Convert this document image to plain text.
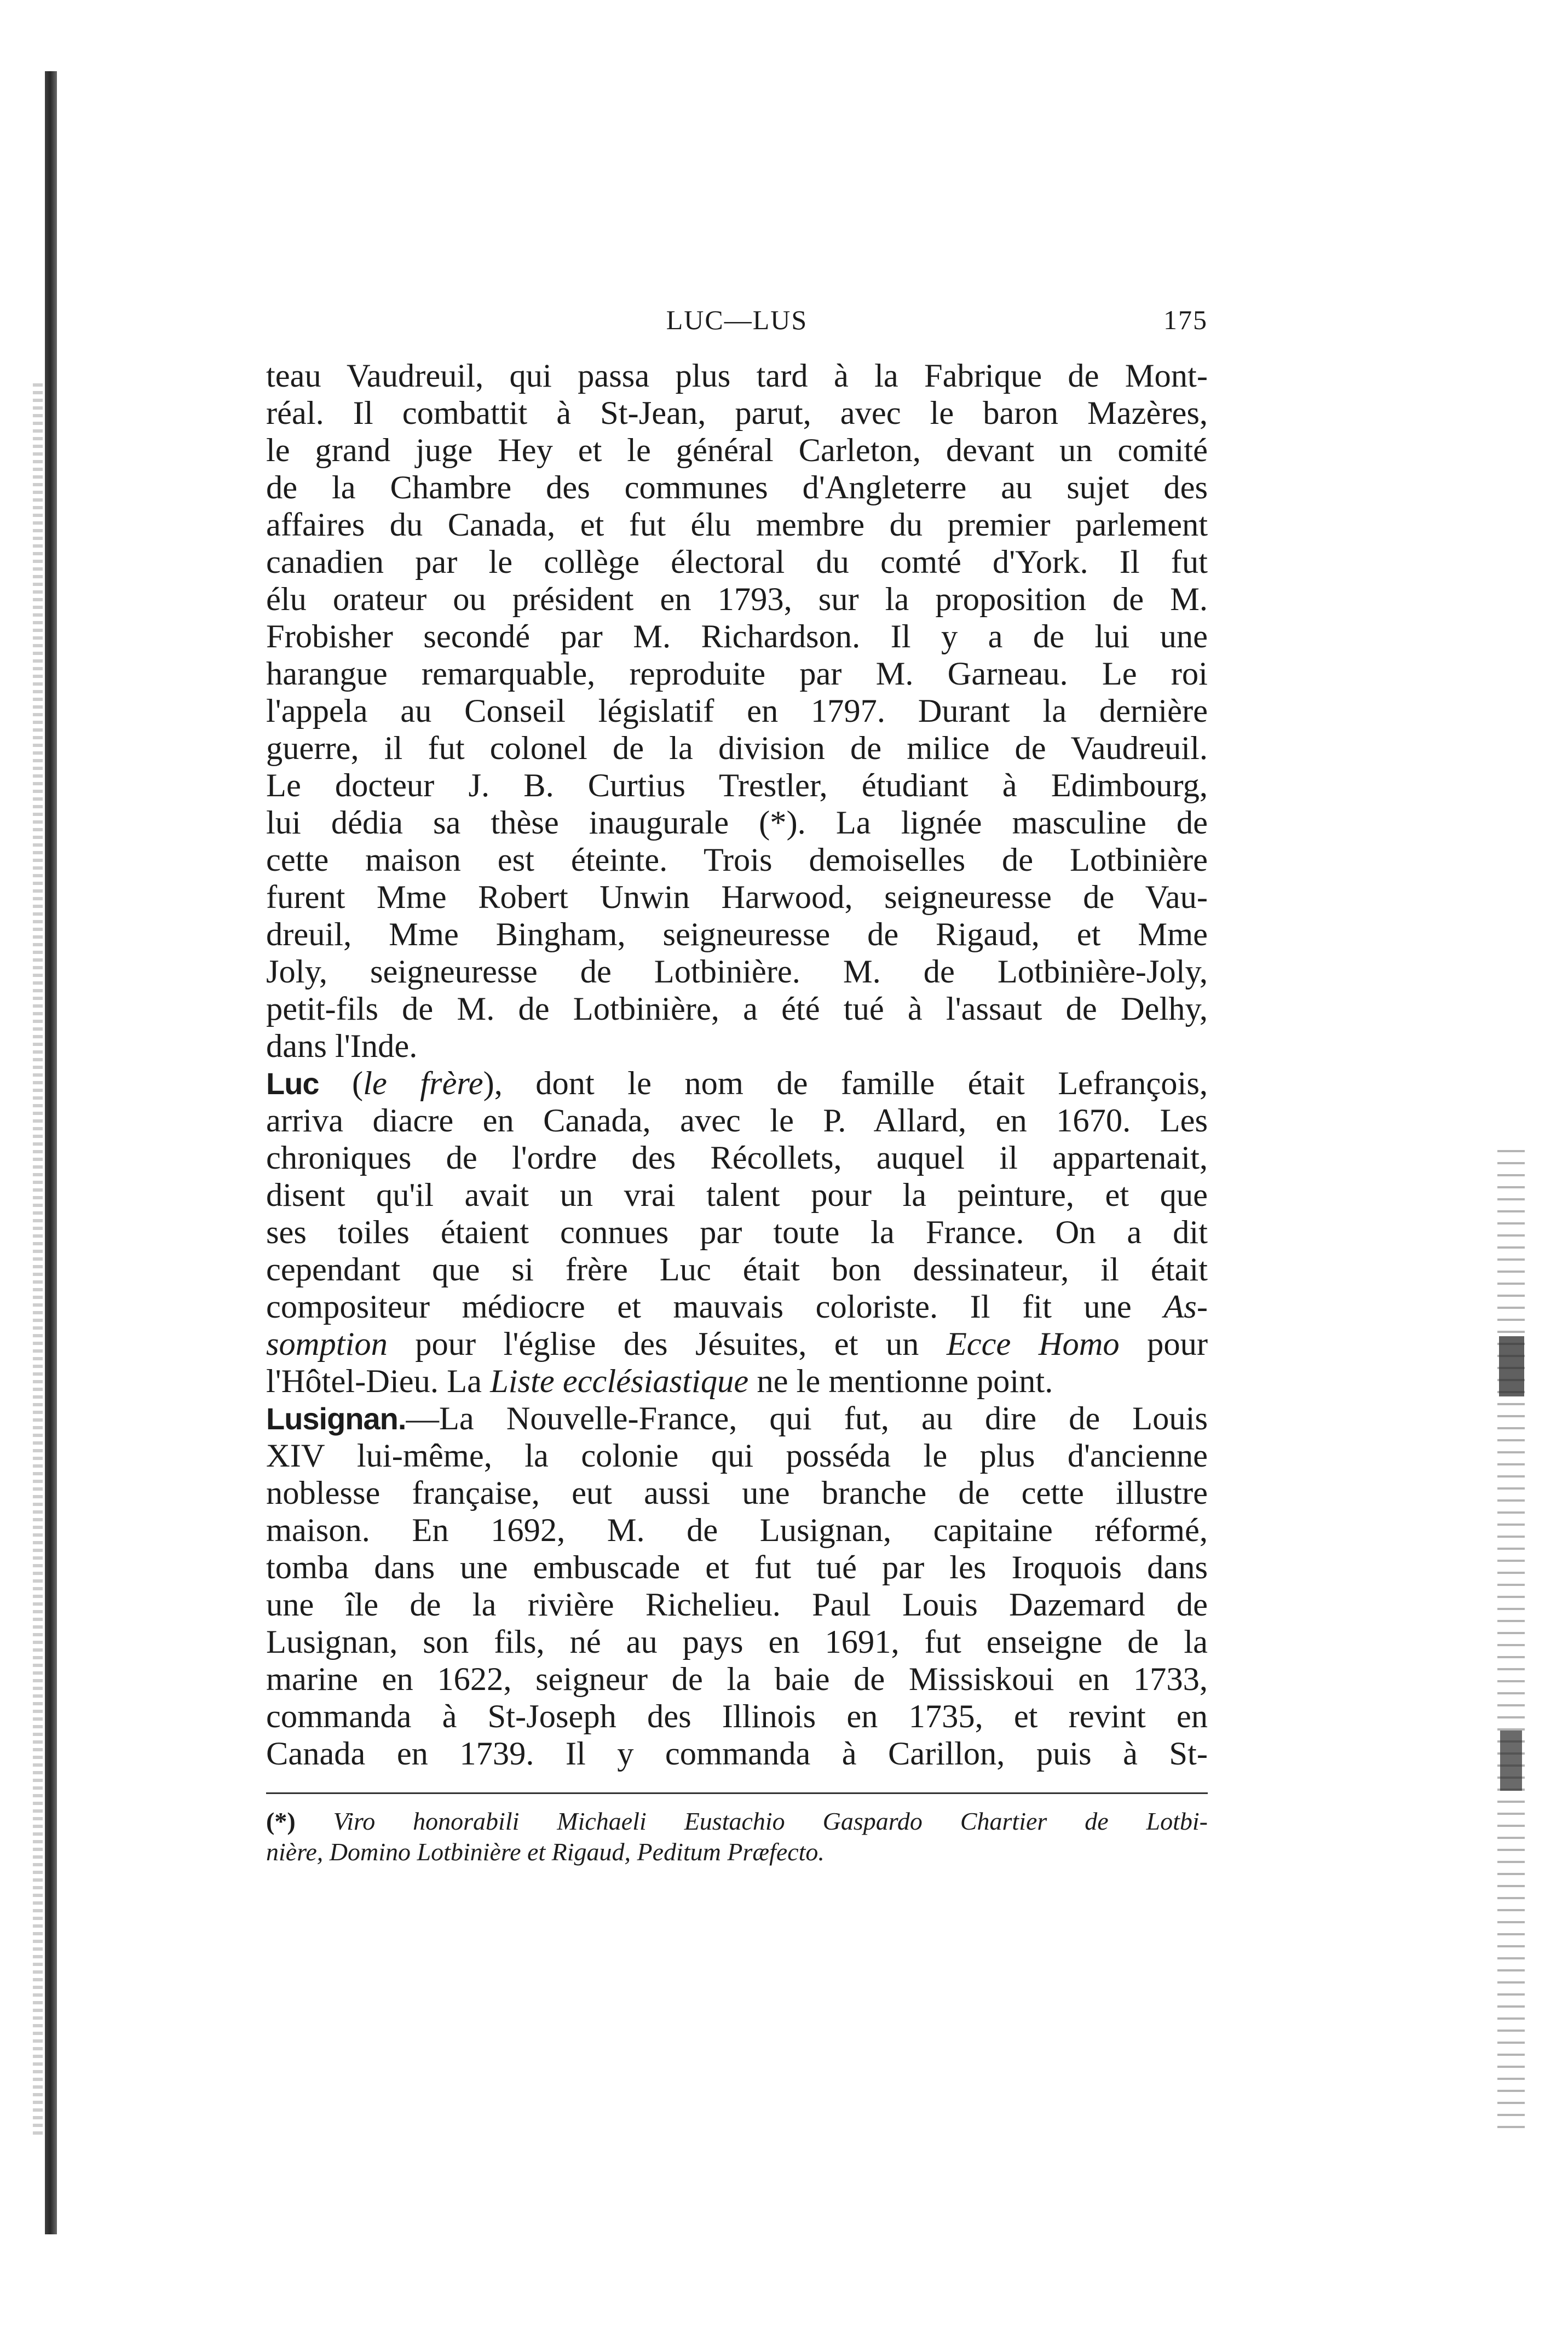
LUC—LUS	175
teau Vaudreuil, qui passa plus tard à la Fabrique de Mont-
réal. Il combattit à St-Jean, parut, avec le baron Mazères,
le grand juge Hey et le général Carleton, devant un comité
de la Chambre des communes d'Angleterre au sujet des
affaires du Canada, et fut élu membre du premier parlement
canadien par le collège électoral du comté d'York. Il fut
élu orateur ou président en 1793, sur la proposition de M.
Frobisher secondé par M. Richardson. Il y a de lui une
harangue remarquable, reproduite par M. Garneau. Le roi
l'appela au Conseil législatif en 1797. Durant la dernière
guerre, il fut colonel de la division de milice de Vaudreuil.
Le docteur J. B. Curtius Trestler, étudiant à Edimbourg,
lui dédia sa thèse inaugurale (*). La lignée masculine de
cette maison est éteinte. Trois demoiselles de Lotbinière
furent Mme Robert Unwin Harwood, seigneuresse de Vau-
dreuil, Mme Bingham, seigneuresse de Rigaud, et Mme
Joly, seigneuresse de Lotbinière. M. de Lotbinière-Joly,
petit-fils de M. de Lotbinière, a été tué à l'assaut de Delhy,
dans l'Inde.
Luc (le frère), dont le nom de famille était Lefrançois,
arriva diacre en Canada, avec le P. Allard, en 1670. Les
chroniques de l'ordre des Récollets, auquel il appartenait,
disent qu'il avait un vrai talent pour la peinture, et que
ses toiles étaient connues par toute la France. On a dit
cependant que si frère Luc était bon dessinateur, il était
compositeur médiocre et mauvais coloriste. Il fit une As-
somption pour l'église des Jésuites, et un Ecce Homo pour
l'Hôtel-Dieu. La Liste ecclésiastique ne le mentionne point.
Lusignan.—La Nouvelle-France, qui fut, au dire de Louis
XIV lui-même, la colonie qui posséda le plus d'ancienne
noblesse française, eut aussi une branche de cette illustre
maison. En 1692, M. de Lusignan, capitaine réformé,
tomba dans une embuscade et fut tué par les Iroquois dans
une île de la rivière Richelieu. Paul Louis Dazemard de
Lusignan, son fils, né au pays en 1691, fut enseigne de la
marine en 1622, seigneur de la baie de Missiskoui en 1733,
commanda à St-Joseph des Illinois en 1735, et revint en
Canada en 1739. Il y commanda à Carillon, puis à St-
(*) Viro honorabili Michaeli Eustachio Gaspardo Chartier de Lotbi-
nière, Domino Lotbinière et Rigaud, Peditum Præfecto.
